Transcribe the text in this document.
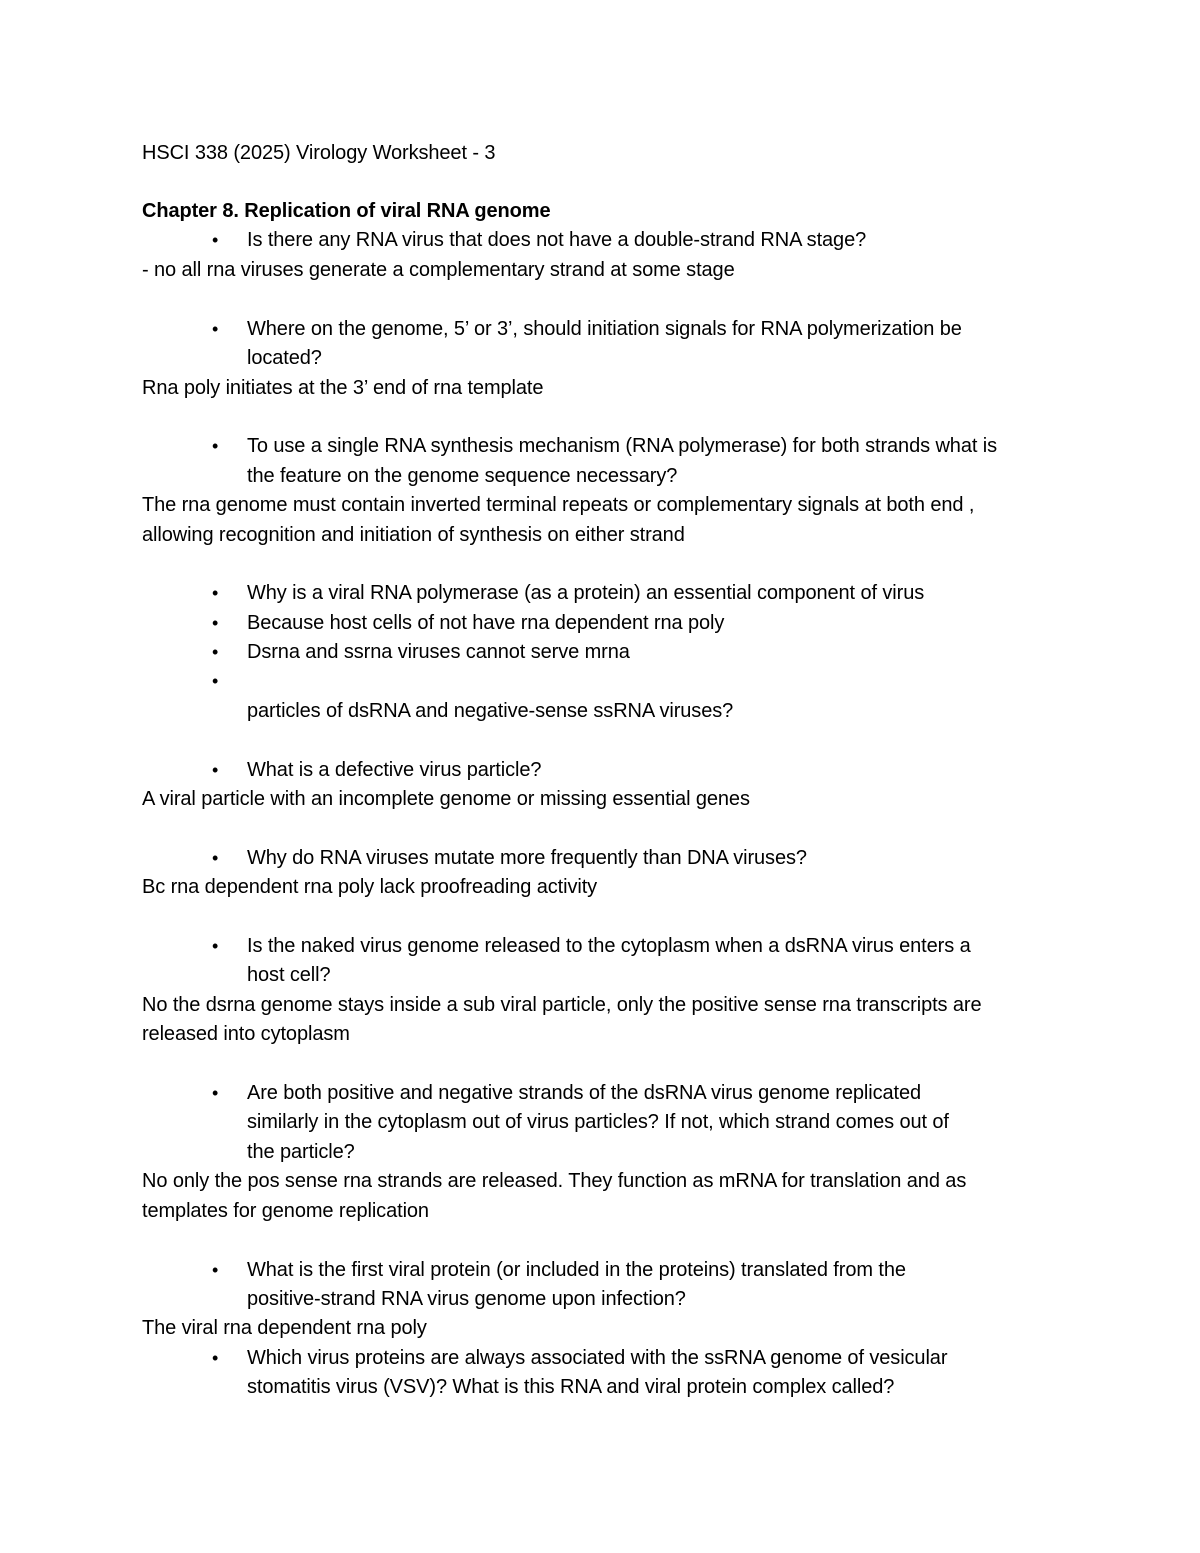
HSCI 338 (2025) Virology Worksheet - 3
Chapter 8. Replication of viral RNA genome
• Is there any RNA virus that does not have a double-strand RNA stage?
- no all rna viruses generate a complementary strand at some stage
• Where on the genome, 5’ or 3’, should initiation signals for RNA polymerization be
located?
Rna poly initiates at the 3’ end of rna template
• To use a single RNA synthesis mechanism (RNA polymerase) for both strands what is
the feature on the genome sequence necessary?
The rna genome must contain inverted terminal repeats or complementary signals at both end ,
allowing recognition and initiation of synthesis on either strand
• Why is a viral RNA polymerase (as a protein) an essential component of virus
• Because host cells of not have rna dependent rna poly
• Dsrna and ssrna viruses cannot serve mrna
•
particles of dsRNA and negative-sense ssRNA viruses?
• What is a defective virus particle?
A viral particle with an incomplete genome or missing essential genes
• Why do RNA viruses mutate more frequently than DNA viruses?
Bc rna dependent rna poly lack proofreading activity
• Is the naked virus genome released to the cytoplasm when a dsRNA virus enters a
host cell?
No the dsrna genome stays inside a sub viral particle, only the positive sense rna transcripts are
released into cytoplasm
• Are both positive and negative strands of the dsRNA virus genome replicated
similarly in the cytoplasm out of virus particles? If not, which strand comes out of
the particle?
No only the pos sense rna strands are released. They function as mRNA for translation and as
templates for genome replication
• What is the first viral protein (or included in the proteins) translated from the
positive-strand RNA virus genome upon infection?
The viral rna dependent rna poly
• Which virus proteins are always associated with the ssRNA genome of vesicular
stomatitis virus (VSV)? What is this RNA and viral protein complex called?
